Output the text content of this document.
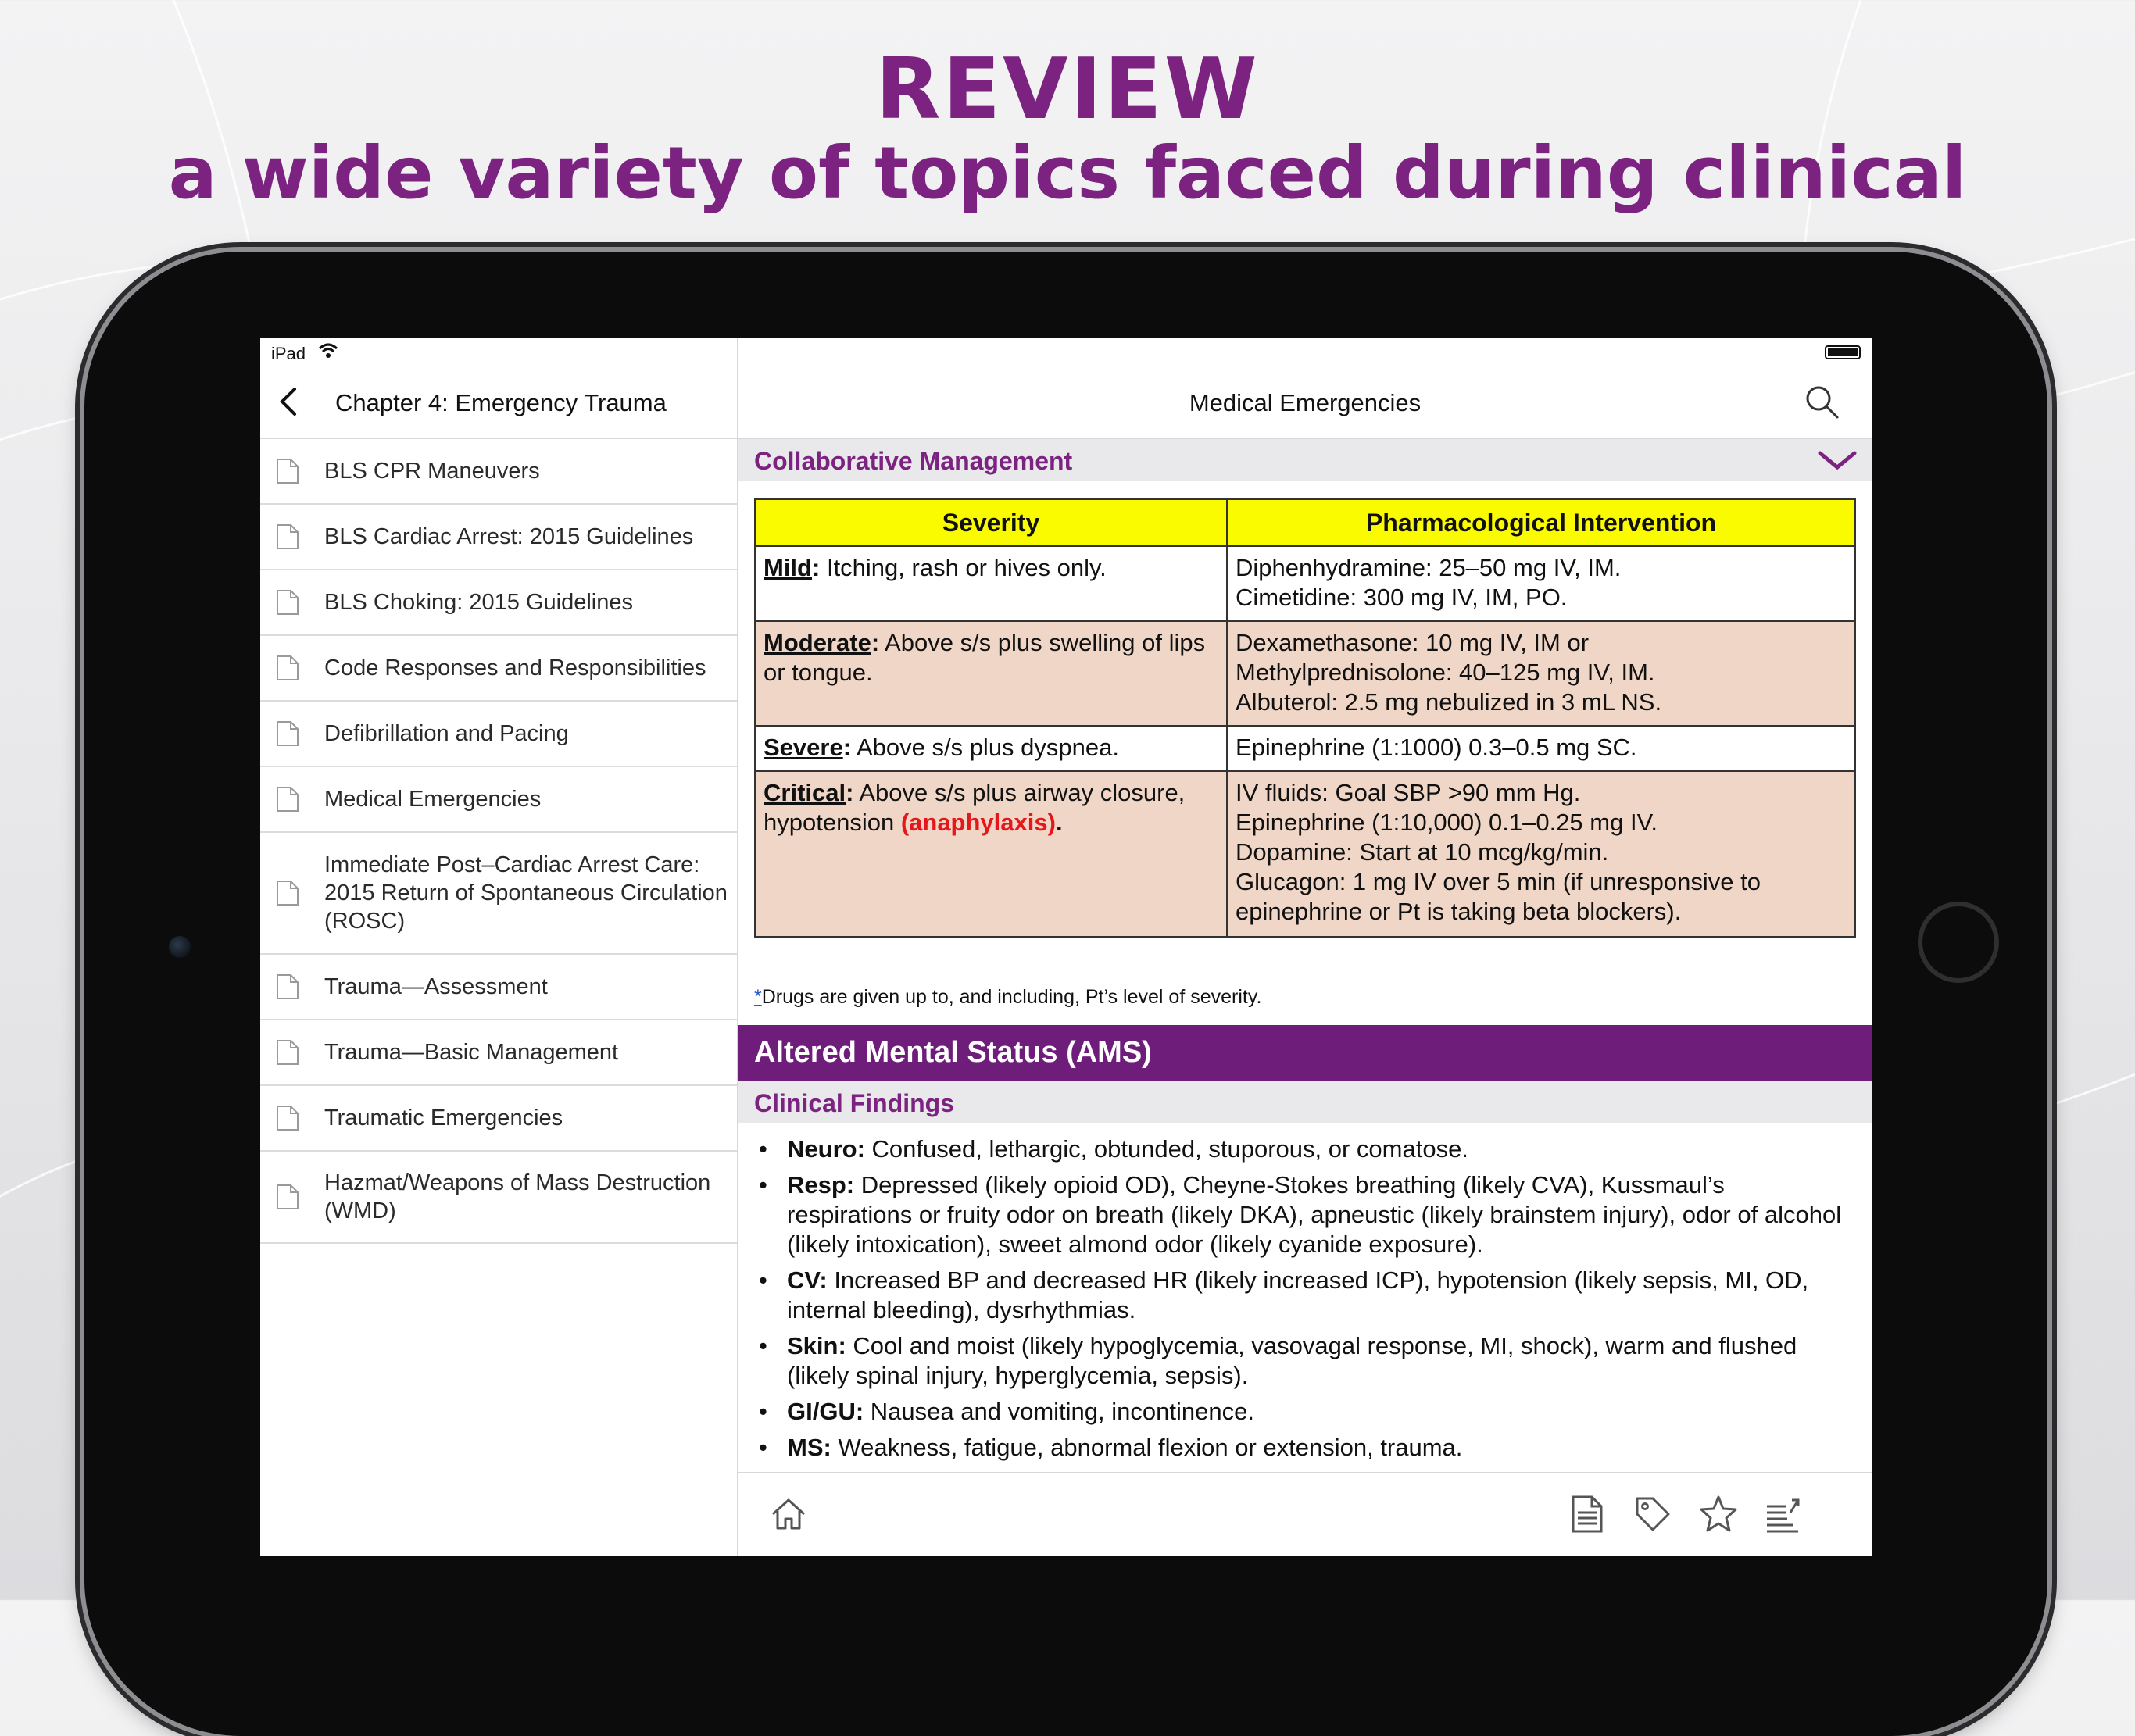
REVIEW
a wide variety of topics faced during clinical
iPad
Chapter 4: Emergency Trauma
BLS CPR Maneuvers
BLS Cardiac Arrest: 2015 Guidelines
BLS Choking: 2015 Guidelines
Code Responses and Responsibilities
Defibrillation and Pacing
Medical Emergencies
Immediate Post–Cardiac Arrest Care: 2015 Return of Spontaneous Circulation (ROSC)
Trauma—Assessment
Trauma—Basic Management
Traumatic Emergencies
Hazmat/Weapons of Mass Destruction (WMD)
Medical Emergencies
Collaborative Management
Severity	Pharmacological Intervention
Mild: Itching, rash or hives only.	Diphenhydramine: 25–50 mg IV, IM.
Cimetidine: 300 mg IV, IM, PO.

Moderate: Above s/s plus swelling of lips or tongue.	Dexamethasone: 10 mg IV, IM or
Methylprednisolone: 40–125 mg IV, IM.
Albuterol: 2.5 mg nebulized in 3 mL NS.

Severe: Above s/s plus dyspnea.	Epinephrine (1:1000) 0.3–0.5 mg SC.

Critical: Above s/s plus airway closure, hypotension (anaphylaxis).	IV fluids: Goal SBP >90 mm Hg.
Epinephrine (1:10,000) 0.1–0.25 mg IV.
Dopamine: Start at 10 mcg/kg/min.
Glucagon: 1 mg IV over 5 min (if unresponsive to epinephrine or Pt is taking beta blockers).
*Drugs are given up to, and including, Pt’s level of severity.
Altered Mental Status (AMS)
Clinical Findings
• Neuro: Confused, lethargic, obtunded, stuporous, or comatose.
• Resp: Depressed (likely opioid OD), Cheyne-Stokes breathing (likely CVA), Kussmaul’s respirations or fruity odor on breath (likely DKA), apneustic (likely brainstem injury), odor of alcohol (likely intoxication), sweet almond odor (likely cyanide exposure).
• CV: Increased BP and decreased HR (likely increased ICP), hypotension (likely sepsis, MI, OD, internal bleeding), dysrhythmias.
• Skin: Cool and moist (likely hypoglycemia, vasovagal response, MI, shock), warm and flushed (likely spinal injury, hyperglycemia, sepsis).
• GI/GU: Nausea and vomiting, incontinence.
• MS: Weakness, fatigue, abnormal flexion or extension, trauma.
